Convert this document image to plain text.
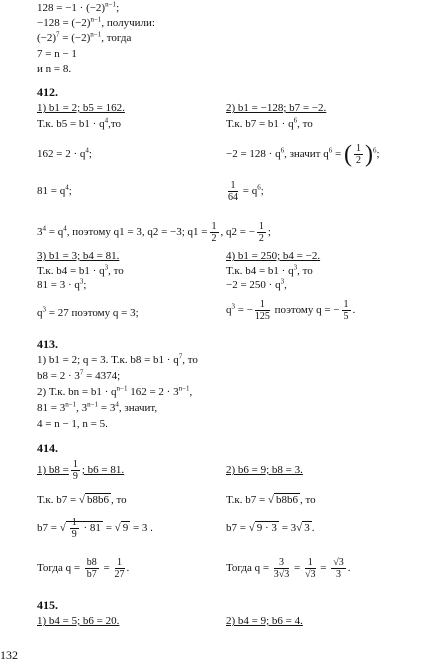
$128 = -1 \cdot (-2)^{n-1}$;
$-128 = (-2)^{n-1}$, получили:
$(-2)^7 = (-2)^{n-1}$, тогда
7 = n − 1
и n = 8.
412.
1) b1 = 2; b5 = 162.
Т.к. $b5 = b1 \cdot q^4,то$
$162 = 2 \cdot q^4$;
$81 = q^4$;
$3^4 = q^4$, поэтому q1 = 3, q2 = −3; $q1 = \frac{1}{2}$ , q2 = − $\frac{1}{2}$ ;
2) b1 = −128; b7 = −2.
Т.к. $b7 = b1 \cdot q^6$, то
$-2 = 128 \cdot q^6$, значит $q^6$ = ( $\frac{1}{2} )^6$;
$\frac{1}{64} = q^6$;
3) b1 = 3; b4 = 81.
Т.к. $b4 = b1 \cdot q^3$, то
$81 = 3 \cdot q^3$;
$q^3 = 27$ поэтому q = 3;
4) b1 = 250; b4 = −2.
Т.к. $b4 = b1 \cdot q^3$, то
$-2 = 250 \cdot q^3$,
$q^3$ = − $\frac{1}{125}$ поэтому q = − $\frac{1}{5}$ .
413.
1) b1 = 2; q = 3. Т.к. $b8 = b1 \cdot q^7$, то
$b8 = 2 \cdot 3^7 = 4374$;
2) Т.к. bn = $b1 \cdot q^{n-1}$ $162 = 2 \cdot 3^{n-1}$,
$81 = 3^{n-1}$, $3^{n-1} = 3^4$, значит,
4 = n − 1, n = 5.
414.
1) $b8 = \frac{1}{9}$ ; b6 = 81.
Т.к. b7 = √ b8b6 , то
b7 = √ $\frac{1}{9} \cdot 81$ = √ 9 = 3 .
Тогда $q = \frac{b8}{b7} = \frac{1}{27}$ .
2) b6 = 9; b8 = 3.
Т.к. b7 = √ b8b6 , то
b7 = √ 9 · 3 = 3√ 3 .
Тогда $q = \frac{3}{3√3} = \frac{1}{√3} = \frac{√3}{3}$ .
415.
1) b4 = 5; b6 = 20.	2) b4 = 9; b6 = 4.
132
